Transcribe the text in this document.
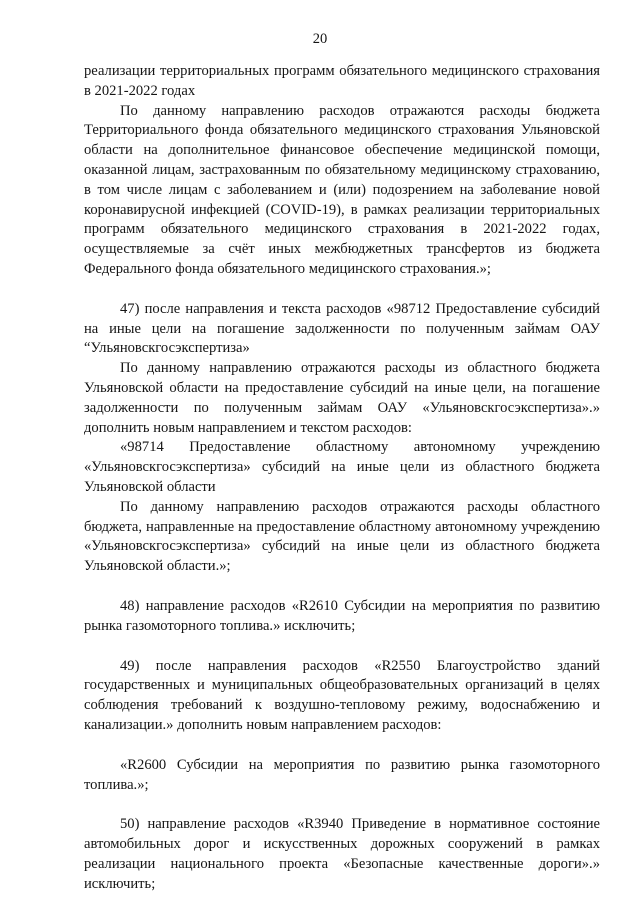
20

реализации территориальных программ обязательного медицинского страхования в 2021-2022 годах

По данному направлению расходов отражаются расходы бюджета Территориального фонда обязательного медицинского страхования Ульяновской области на дополнительное финансовое обеспечение медицинской помощи, оказанной лицам, застрахованным по обязательному медицинскому страхованию, в том числе лицам с заболеванием и (или) подозрением на заболевание новой коронавирусной инфекцией (COVID-19), в рамках реализации территориальных программ обязательного медицинского страхования в 2021-2022 годах, осуществляемые за счёт иных межбюджетных трансфертов из бюджета Федерального фонда обязательного медицинского страхования.»;

47) после направления и текста расходов «98712 Предоставление субсидий на иные цели на погашение задолженности по полученным займам ОАУ “Ульяновскгосэкспертиза»

По данному направлению отражаются расходы из областного бюджета Ульяновской области на предоставление субсидий на иные цели, на погашение задолженности по полученным займам ОАУ «Ульяновскгосэкспертиза».» дополнить новым направлением и текстом расходов:

«98714 Предоставление областному автономному учреждению «Ульяновскгосэкспертиза» субсидий на иные цели из областного бюджета Ульяновской области

По данному направлению расходов отражаются расходы областного бюджета, направленные на предоставление областному автономному учреждению «Ульяновскгосэкспертиза» субсидий на иные цели из областного бюджета Ульяновской области.»;

48) направление расходов «R2610 Субсидии на мероприятия по развитию рынка газомоторного топлива.» исключить;

49) после направления расходов «R2550 Благоустройство зданий государственных и муниципальных общеобразовательных организаций в целях соблюдения требований к воздушно-тепловому режиму, водоснабжению и канализации.» дополнить новым направлением расходов:

«R2600 Субсидии на мероприятия по развитию рынка газомоторного топлива.»;

50) направление расходов «R3940 Приведение в нормативное состояние автомобильных дорог и искусственных дорожных сооружений в рамках реализации национального проекта «Безопасные качественные дороги».» исключить;
